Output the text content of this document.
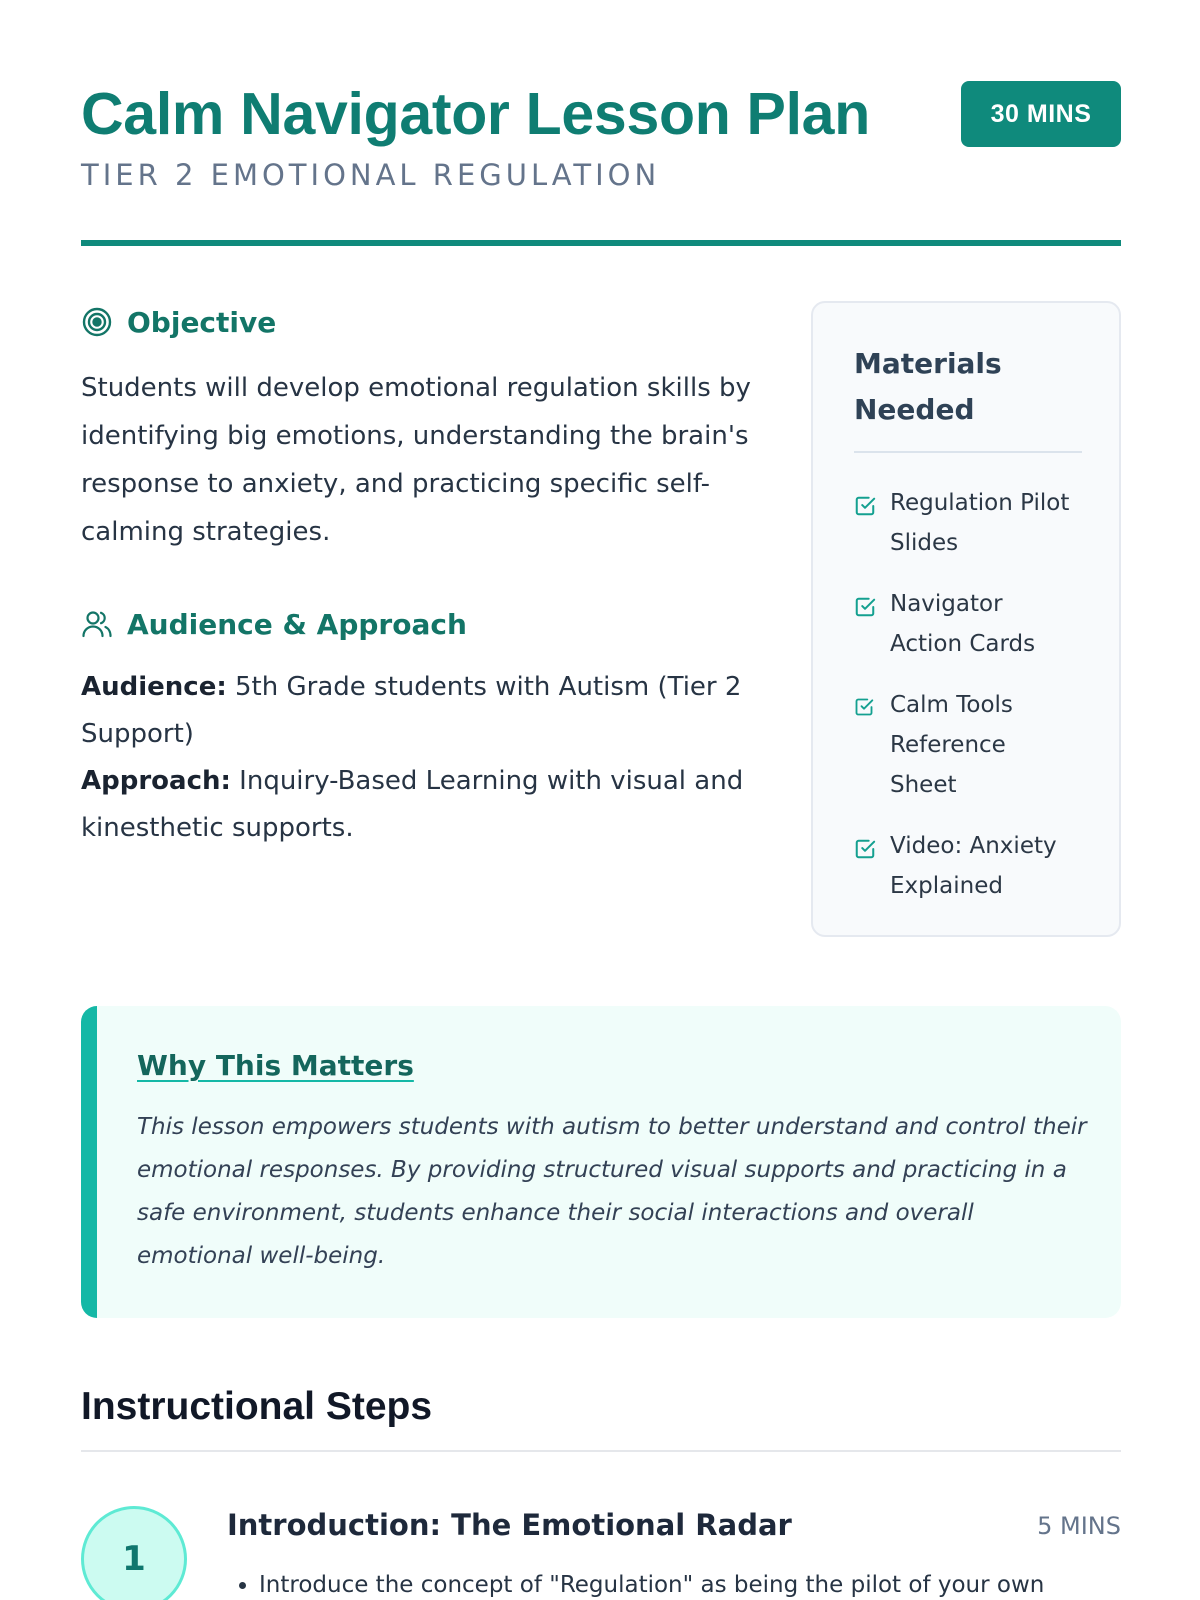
Calm Navigator Lesson Plan
TIER 2 EMOTIONAL REGULATION
30 MINS
Objective

Students will develop emotional regulation skills by identifying big emotions, understanding the brain's response to anxiety, and practicing specific self-calming strategies.

Audience & Approach
Audience: 5th Grade students with Autism (Tier 2 Support)
Approach: Inquiry-Based Learning with visual and kinesthetic supports.
Materials Needed
Regulation Pilot Slides
Navigator Action Cards
Calm Tools Reference Sheet
Video: Anxiety Explained
Why This Matters

This lesson empowers students with autism to better understand and control their emotional responses. By providing structured visual supports and practicing in a safe environment, students enhance their social interactions and overall emotional well-being.

Instructional Steps
1
Introduction: The Emotional Radar	5 MINS
• Introduce the concept of "Regulation" as being the pilot of your own
